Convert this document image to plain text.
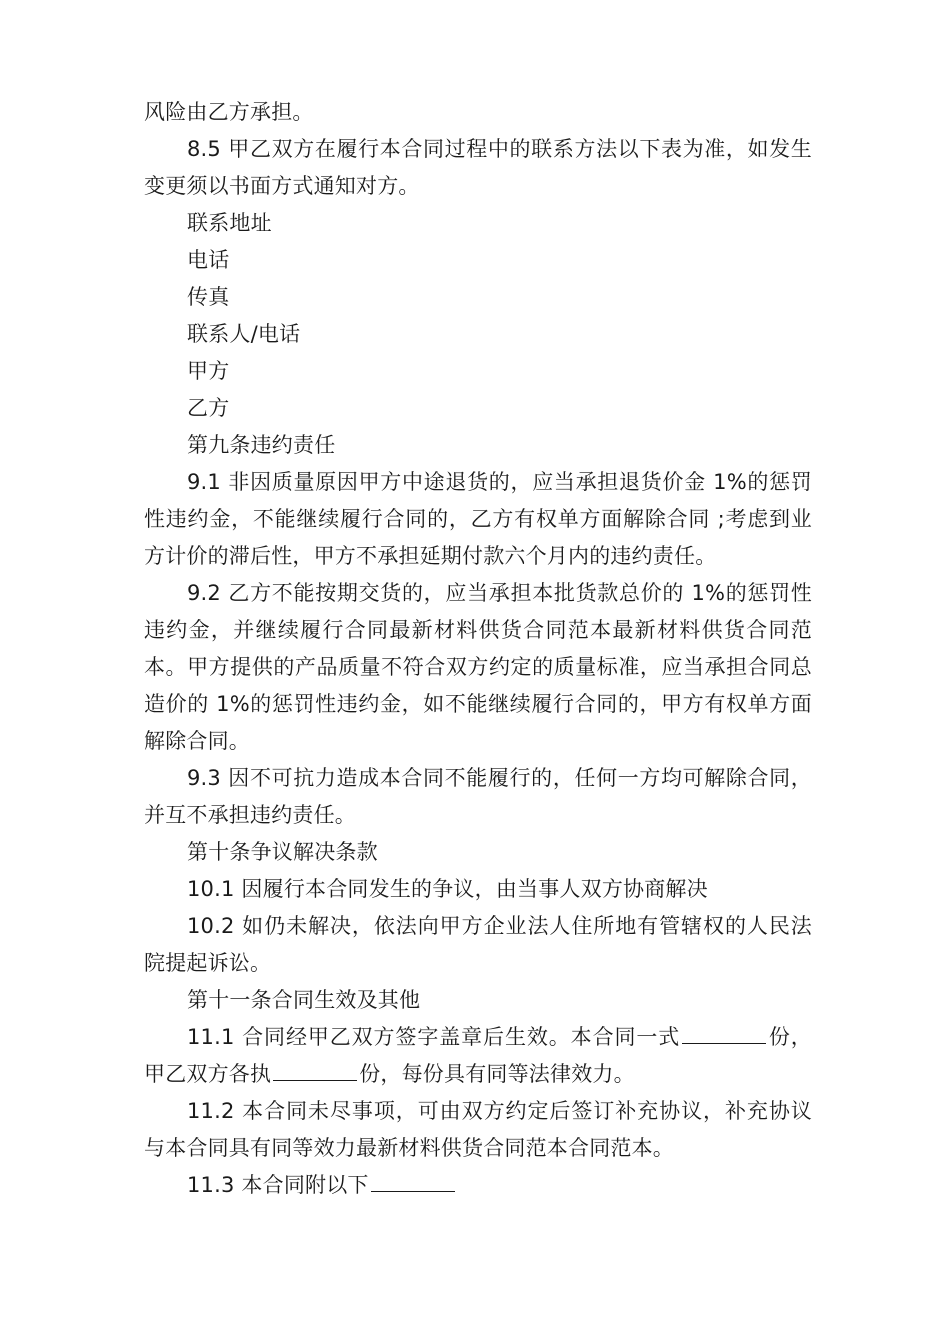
风险由乙方承担。

8.5 甲乙双方在履行本合同过程中的联系方法以下表为准，如发生变更须以书面方式通知对方。

联系地址

电话

传真

联系人/电话

甲方

乙方

第九条违约责任

9.1 非因质量原因甲方中途退货的，应当承担退货价金 1%的惩罚性违约金，不能继续履行合同的，乙方有权单方面解除合同 ;考虑到业方计价的滞后性，甲方不承担延期付款六个月内的违约责任。

9.2 乙方不能按期交货的，应当承担本批货款总价的 1%的惩罚性违约金，并继续履行合同最新材料供货合同范本最新材料供货合同范本。甲方提供的产品质量不符合双方约定的质量标准，应当承担合同总造价的 1%的惩罚性违约金，如不能继续履行合同的，甲方有权单方面解除合同。

9.3 因不可抗力造成本合同不能履行的，任何一方均可解除合同，并互不承担违约责任。

第十条争议解决条款

10.1 因履行本合同发生的争议，由当事人双方协商解决

10.2 如仍未解决，依法向甲方企业法人住所地有管辖权的人民法院提起诉讼。

第十一条合同生效及其他

11.1 合同经甲乙双方签字盖章后生效。本合同一式	份，甲乙双方各执	份，每份具有同等法律效力。

11.2 本合同未尽事项，可由双方约定后签订补充协议，补充协议与本合同具有同等效力最新材料供货合同范本合同范本。

11.3 本合同附以下
